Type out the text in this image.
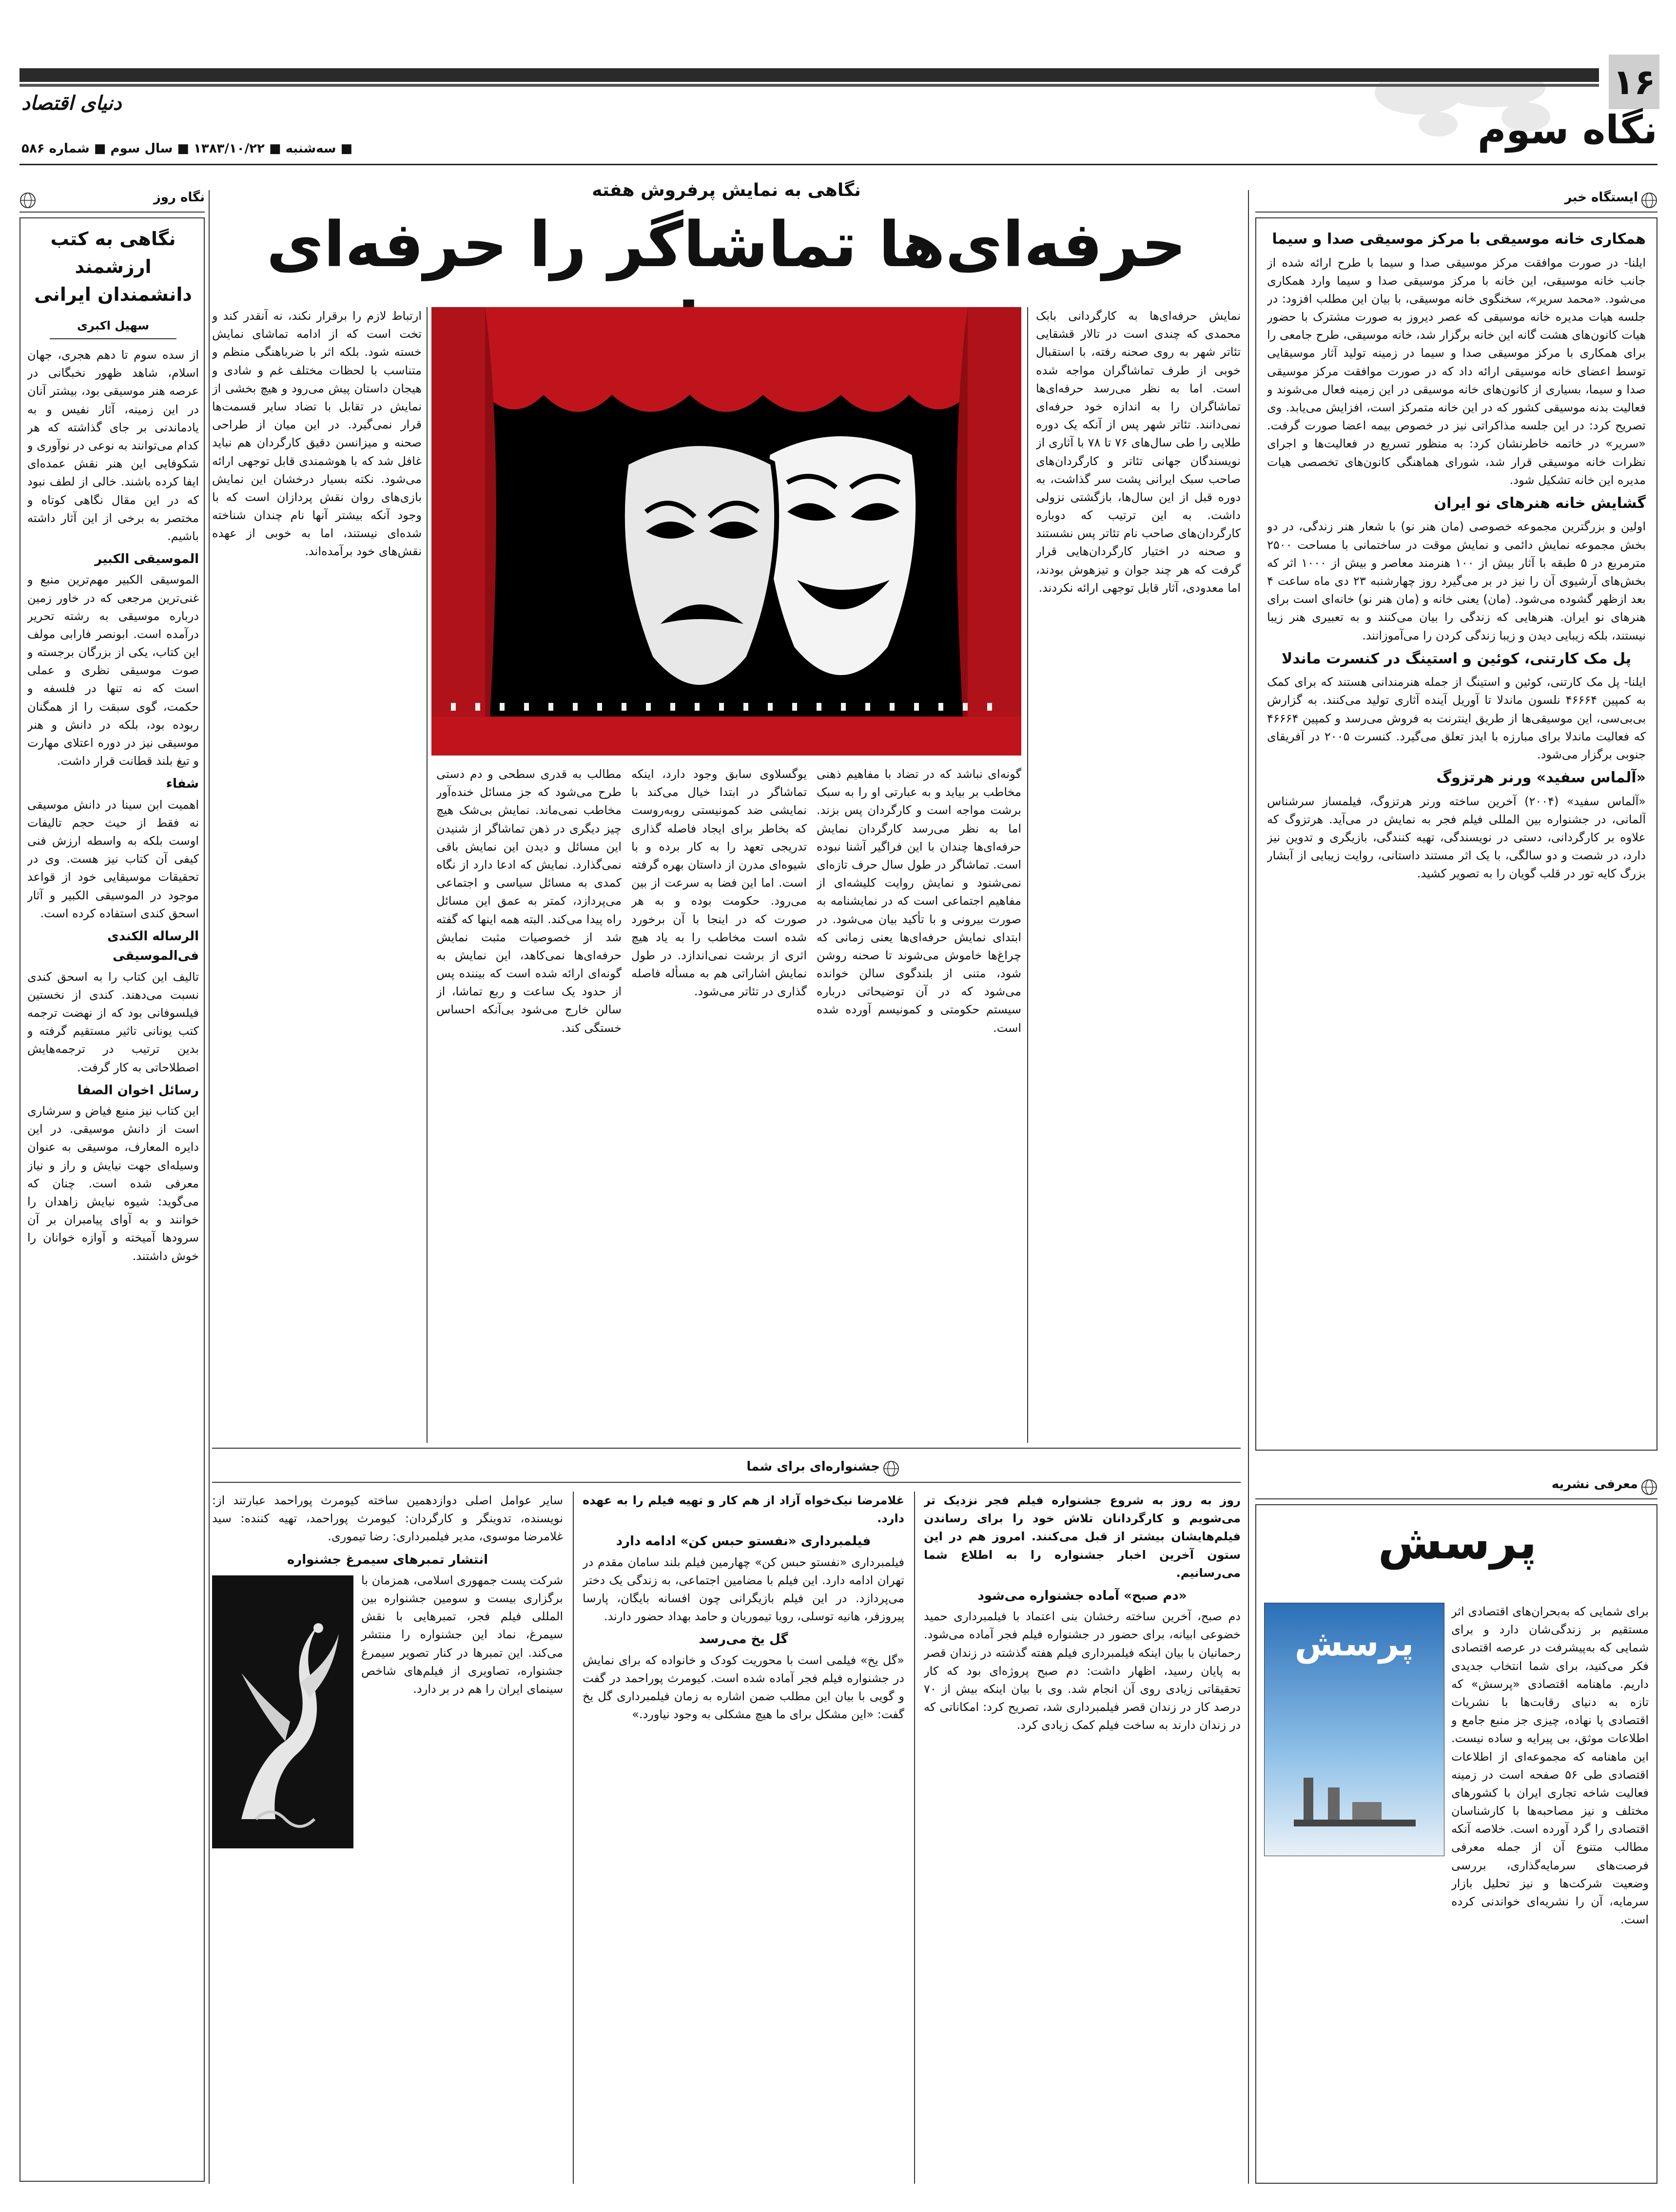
۱۶
دنیای اقتصاد
نگاه سوم
■ سه‌شنبه ■ ۱۳۸۳/۱۰/۲۲ ■ سال سوم ■ شماره ۵۸۶
ایستگاه خبر
همکاری خانه موسیقی با مرکز موسیقی صدا و سیما

ایلنا- در صورت موافقت مرکز موسیقی صدا و سیما با طرح ارائه شده از جانب خانه موسیقی، این خانه با مرکز موسیقی صدا و سیما وارد همکاری می‌شود. «محمد سریر»، سخنگوی خانه موسیقی، با بیان این مطلب افزود: در جلسه هیات مدیره خانه موسیقی که عصر دیروز به صورت مشترک با حضور هیات کانون‌های هشت گانه این خانه برگزار شد، خانه موسیقی، طرح جامعی را برای همکاری با مرکز موسیقی صدا و سیما در زمینه تولید آثار موسیقایی توسط اعضای خانه موسیقی ارائه داد که در صورت موافقت مرکز موسیقی صدا و سیما، بسیاری از کانون‌های خانه موسیقی در این زمینه فعال می‌شوند و فعالیت بدنه موسیقی کشور که در این خانه متمرکز است، افزایش می‌یابد. وی تصریح کرد: در این جلسه مذاکراتی نیز در خصوص بیمه اعضا صورت گرفت. «سریر» در خاتمه خاطرنشان کرد: به منظور تسریع در فعالیت‌ها و اجرای نظرات خانه موسیقی قرار شد، شورای هماهنگی کانون‌های تخصصی هیات مدیره این خانه تشکیل شود.

گشایش خانه هنرهای نو ایران

اولین و بزرگترین مجموعه خصوصی (مان هنر نو) با شعار هنر زندگی، در دو بخش مجموعه نمایش دائمی و نمایش موقت در ساختمانی با مساحت ۲۵۰۰ مترمربع در ۵ طبقه با آثار بیش از ۱۰۰ هنرمند معاصر و بیش از ۱۰۰۰ اثر که بخش‌های آرشیوی آن را نیز در بر می‌گیرد روز چهارشنبه ۲۳ دی ماه ساعت ۴ بعد ازظهر گشوده می‌شود. (مان) یعنی خانه و (مان هنر نو) خانه‌ای است برای هنرهای نو ایران. هنرهایی که زندگی را بیان می‌کنند و به تعبیری هنر زیبا نیستند، بلکه زیبایی دیدن و زیبا زندگی کردن را می‌آموزانند.

پل مک کارتنی، کوئین و استینگ در کنسرت ماندلا

ایلنا- پل مک کارتنی، کوئین و استینگ از جمله هنرمندانی هستند که برای کمک به کمپین ۴۶۶۶۴ نلسون ماندلا تا آوریل آینده آثاری تولید می‌کنند. به گزارش بی‌بی‌سی، این موسیقی‌ها از طریق اینترنت به فروش می‌رسد و کمپین ۴۶۶۶۴ که فعالیت ماندلا برای مبارزه با ایدز تعلق می‌گیرد. کنسرت ۲۰۰۵ در آفریقای جنوبی برگزار می‌شود.

«آلماس سفید» ورنر هرتزوگ

«آلماس سفید» (۲۰۰۴) آخرین ساخته ورنر هرتزوگ، فیلمساز سرشناس آلمانی، در جشنواره بین المللی فیلم فجر به نمایش در می‌آید. هرتزوگ که علاوه بر کارگردانی، دستی در نویسندگی، تهیه کنندگی، بازیگری و تدوین نیز دارد، در شصت و دو سالگی، با یک اثر مستند داستانی، روایت زیبایی از آبشار بزرگ کایه تور در قلب گویان را به تصویر کشید.

معرفی نشریه
پرسش
پرسش
برای شمایی که به‌بحران‌های اقتصادی اثر مستقیم بر زندگی‌شان دارد و برای شمایی که به‌پیشرفت در عرصه اقتصادی فکر می‌کنید، برای شما انتخاب جدیدی داریم. ماهنامه اقتصادی «پرسش» که تازه به دنیای رقابت‌ها با نشریات اقتصادی پا نهاده، چیزی جز منبع جامع و اطلاعات موثق، بی پیرایه و ساده نیست. این ماهنامه که مجموعه‌ای از اطلاعات اقتصادی طی ۵۶ صفحه است در زمینه فعالیت شاخه تجاری ایران با کشورهای مختلف و نیز مصاحبه‌ها با کارشناسان اقتصادی را گرد آورده است. خلاصه آنکه مطالب متنوع آن از جمله معرفی فرصت‌های سرمایه‌گذاری، بررسی وضعیت شرکت‌ها و نیز تحلیل بازار سرمایه، آن را نشریه‌ای خواندنی کرده است.
نگاهی به نمایش پرفروش هفته
حرفه‌ای‌ها تماشاگر را حرفه‌ای
نمایش حرفه‌ای‌ها به کارگردانی بابک محمدی که چندی است در تالار قشقایی تئاتر شهر به روی صحنه رفته، با استقبال خوبی از طرف تماشاگران مواجه شده است. اما به نظر می‌رسد حرفه‌ای‌ها تماشاگران را به اندازه خود حرفه‌ای نمی‌دانند. تئاتر شهر پس از آنکه یک دوره طلایی را طی سال‌های ۷۶ تا ۷۸ با آثاری از نویسندگان جهانی تئاتر و کارگردان‌های صاحب سبک ایرانی پشت سر گذاشت، به دوره قبل از این سال‌ها، بازگشتی نزولی داشت. به این ترتیب که دوباره کارگردان‌های صاحب نام تئاتر پس نشستند و صحنه در اختیار کارگردان‌هایی قرار گرفت که هر چند جوان و تیزهوش بودند، اما معدودی، آثار قابل توجهی ارائه نکردند.
گونه‌ای نباشد که در تضاد با مفاهیم ذهنی مخاطب بر بیاید و به عبارتی او را به سبک برشت مواجه است و کارگردان پس بزند. اما به نظر می‌رسد کارگردان نمایش حرفه‌ای‌ها چندان با این فراگیر آشنا نبوده است. تماشاگر در طول سال حرف تازه‌ای نمی‌شنود و نمایش روایت کلیشه‌ای از مفاهیم اجتماعی است که در نمایشنامه به صورت بیرونی و با تأکید بیان می‌شود. در ابتدای نمایش حرفه‌ای‌ها یعنی زمانی که چراغ‌ها خاموش می‌شوند تا صحنه روشن شود، متنی از بلندگوی سالن خوانده می‌شود که در آن توضیحاتی درباره سیستم حکومتی و کمونیسم آورده شده است.
یوگسلاوی سابق وجود دارد، اینکه تماشاگر در ابتدا خیال می‌کند با نمایشی ضد کمونیستی روبه‌روست که بخاطر برای ایجاد فاصله گذاری تدریجی تعهد را به کار برده و با شیوه‌ای مدرن از داستان بهره گرفته است. اما این فضا به سرعت از بین می‌رود. حکومت بوده و به هر صورت که در اینجا با آن برخورد شده است مخاطب را به یاد هیچ اثری از برشت نمی‌اندازد. در طول نمایش اشاراتی هم به مسأله فاصله گذاری در تئاتر می‌شود.
مطالب به قدری سطحی و دم دستی طرح می‌شود که جز مسائل خنده‌آور مخاطب نمی‌ماند. نمایش بی‌شک هیچ چیز دیگری در ذهن تماشاگر از شنیدن این مسائل و دیدن این نمایش باقی نمی‌گذارد. نمایش که ادعا دارد از نگاه کمدی به مسائل سیاسی و اجتماعی می‌پردازد، کمتر به عمق این مسائل راه پیدا می‌کند. البته همه اینها که گفته شد از خصوصیات مثبت نمایش حرفه‌ای‌ها نمی‌کاهد، این نمایش به گونه‌ای ارائه شده است که بیننده پس از حدود یک ساعت و ربع تماشا، از سالن خارج می‌شود بی‌آنکه احساس خستگی کند.
ارتباط لازم را برقرار نکند، نه آنقدر کند و تخت است که از ادامه تماشای نمایش خسته شود. بلکه اثر با ضرباهنگی منظم و متناسب با لحظات مختلف غم و شادی و هیجان داستان پیش می‌رود و هیچ بخشی از نمایش در تقابل با تضاد سایر قسمت‌ها قرار نمی‌گیرد. در این میان از طراحی صحنه و میزانسن دقیق کارگردان هم نباید غافل شد که با هوشمندی قابل توجهی ارائه می‌شود. نکته بسیار درخشان این نمایش بازی‌های روان نقش پردازان است که با وجود آنکه بیشتر آنها نام چندان شناخته شده‌ای نیستند، اما به خوبی از عهده نقش‌های خود برآمده‌اند.
جشنواره‌ای برای شما

روز به روز به شروع جشنواره فیلم فجر نزدیک تر می‌شویم و کارگردانان تلاش خود را برای رساندن فیلم‌هایشان بیشتر از قبل می‌کنند. امروز هم در این ستون آخرین اخبار جشنواره را به اطلاع شما می‌رسانیم.

«دم صبح» آماده جشنواره می‌شود

دم صبح، آخرین ساخته رخشان بنی اعتماد با فیلمبرداری حمید خضوعی ابیانه، برای حضور در جشنواره فیلم فجر آماده می‌شود. رحمانیان با بیان اینکه فیلمبرداری فیلم هفته گذشته در زندان قصر به پایان رسید، اظهار داشت: دم صبح پروژه‌ای بود که کار تحقیقاتی زیادی روی آن انجام شد. وی با بیان اینکه بیش از ۷۰ درصد کار در زندان قصر فیلمبرداری شد، تصریح کرد: امکاناتی که در زندان دارند به ساخت فیلم کمک زیادی کرد.

غلامرضا نیک‌خواه آزاد از هم کار و تهیه فیلم را به عهده دارد.

فیلمبرداری «نفستو حبس کن» ادامه دارد

فیلمبرداری «نفستو حبس کن» چهارمین فیلم بلند سامان مقدم در تهران ادامه دارد. این فیلم با مضامین اجتماعی، به زندگی یک دختر می‌پردازد. در این فیلم بازیگرانی چون افسانه بایگان، پارسا پیروزفر، هانیه توسلی، رویا تیموریان و حامد بهداد حضور دارند.

گل یخ می‌رسد

«گل یخ» فیلمی است با محوریت کودک و خانواده که برای نمایش در جشنواره فیلم فجر آماده شده است. کیومرث پوراحمد در گفت و گویی با بیان این مطلب ضمن اشاره به زمان فیلمبرداری گل یخ گفت: «این مشکل برای ما هیچ مشکلی به وجود نیاورد.»

سایر عوامل اصلی دوازدهمین ساخته کیومرث پوراحمد عبارتند از: نویسنده، تدوینگر و کارگردان: کیومرث پوراحمد، تهیه کننده: سید غلامرضا موسوی، مدیر فیلمبرداری: رضا تیموری.

انتشار تمبرهای سیمرغ جشنواره

شرکت پست جمهوری اسلامی، همزمان با برگزاری بیست و سومین جشنواره بین المللی فیلم فجر، تمبرهایی با نقش سیمرغ، نماد این جشنواره را منتشر می‌کند. این تمبرها در کنار تصویر سیمرغ جشنواره، تصاویری از فیلم‌های شاخص سینمای ایران را هم در بر دارد.

نگاه روز
نگاهی به کتب ارزشمند دانشمندان ایرانی
سهیل اکبری

از سده سوم تا دهم هجری، جهان اسلام، شاهد ظهور نخبگانی در عرصه هنر موسیقی بود، بیشتر آنان در این زمینه، آثار نفیس و به یادماندنی بر جای گذاشته که هر کدام می‌توانند به نوعی در نوآوری و شکوفایی این هنر نقش عمده‌ای ایفا کرده باشند. خالی از لطف نبود که در این مقال نگاهی کوتاه و مختصر به برخی از این آثار داشته باشیم.

الموسیقی الکبیر

الموسیقی الکبیر مهم‌ترین منبع و غنی‌ترین مرجعی که در خاور زمین درباره موسیقی به رشته تحریر درآمده است. ابونصر فارابی مولف این کتاب، یکی از بزرگان برجسته و صوت موسیقی نظری و عملی است که نه تنها در فلسفه و حکمت، گوی سبقت را از همگنان ربوده بود، بلکه در دانش و هنر موسیقی نیز در دوره اعتلای مهارت و تیغ بلند قطانت قرار داشت.

شفاء

اهمیت ابن سینا در دانش موسیقی نه فقط از حیث حجم تالیفات اوست بلکه به واسطه ارزش فنی کیفی آن کتاب نیز هست. وی در تحقیقات موسیقایی خود از قواعد موجود در الموسیقی الکبیر و آثار اسحق کندی استفاده کرده است.

الرساله الکندی فی‌الموسیقی

تالیف این کتاب را به اسحق کندی نسبت می‌دهند. کندی از نخستین فیلسوفانی بود که از نهضت ترجمه کتب یونانی تاثیر مستقیم گرفته و بدین ترتیب در ترجمه‌هایش اصطلاحاتی به کار گرفت.

رسائل اخوان الصفا

این کتاب نیز منبع فیاض و سرشاری است از دانش موسیقی. در این دایره المعارف، موسیقی به عنوان وسیله‌ای جهت نیایش و راز و نیاز معرفی شده است. چنان که می‌گوید: شیوه نیایش زاهدان را خوانند و به آوای پیامبران بر آن سرودها آمیخته و آوازه خوانان را خوش داشتند.
